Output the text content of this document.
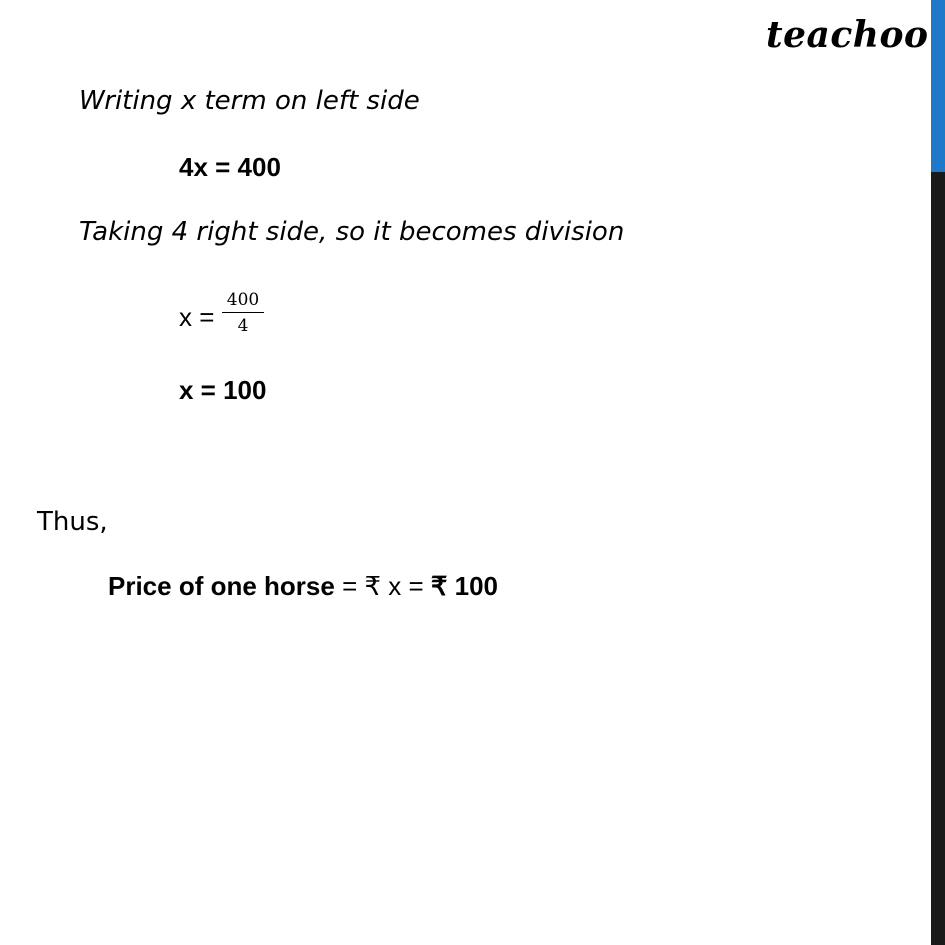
teachoo
Writing x term on left side
4x = 400
Taking 4 right side, so it becomes division
$x = \frac{400}{4}$
x = 100
Thus,
Price of one horse = ₹ x = ₹ 100
